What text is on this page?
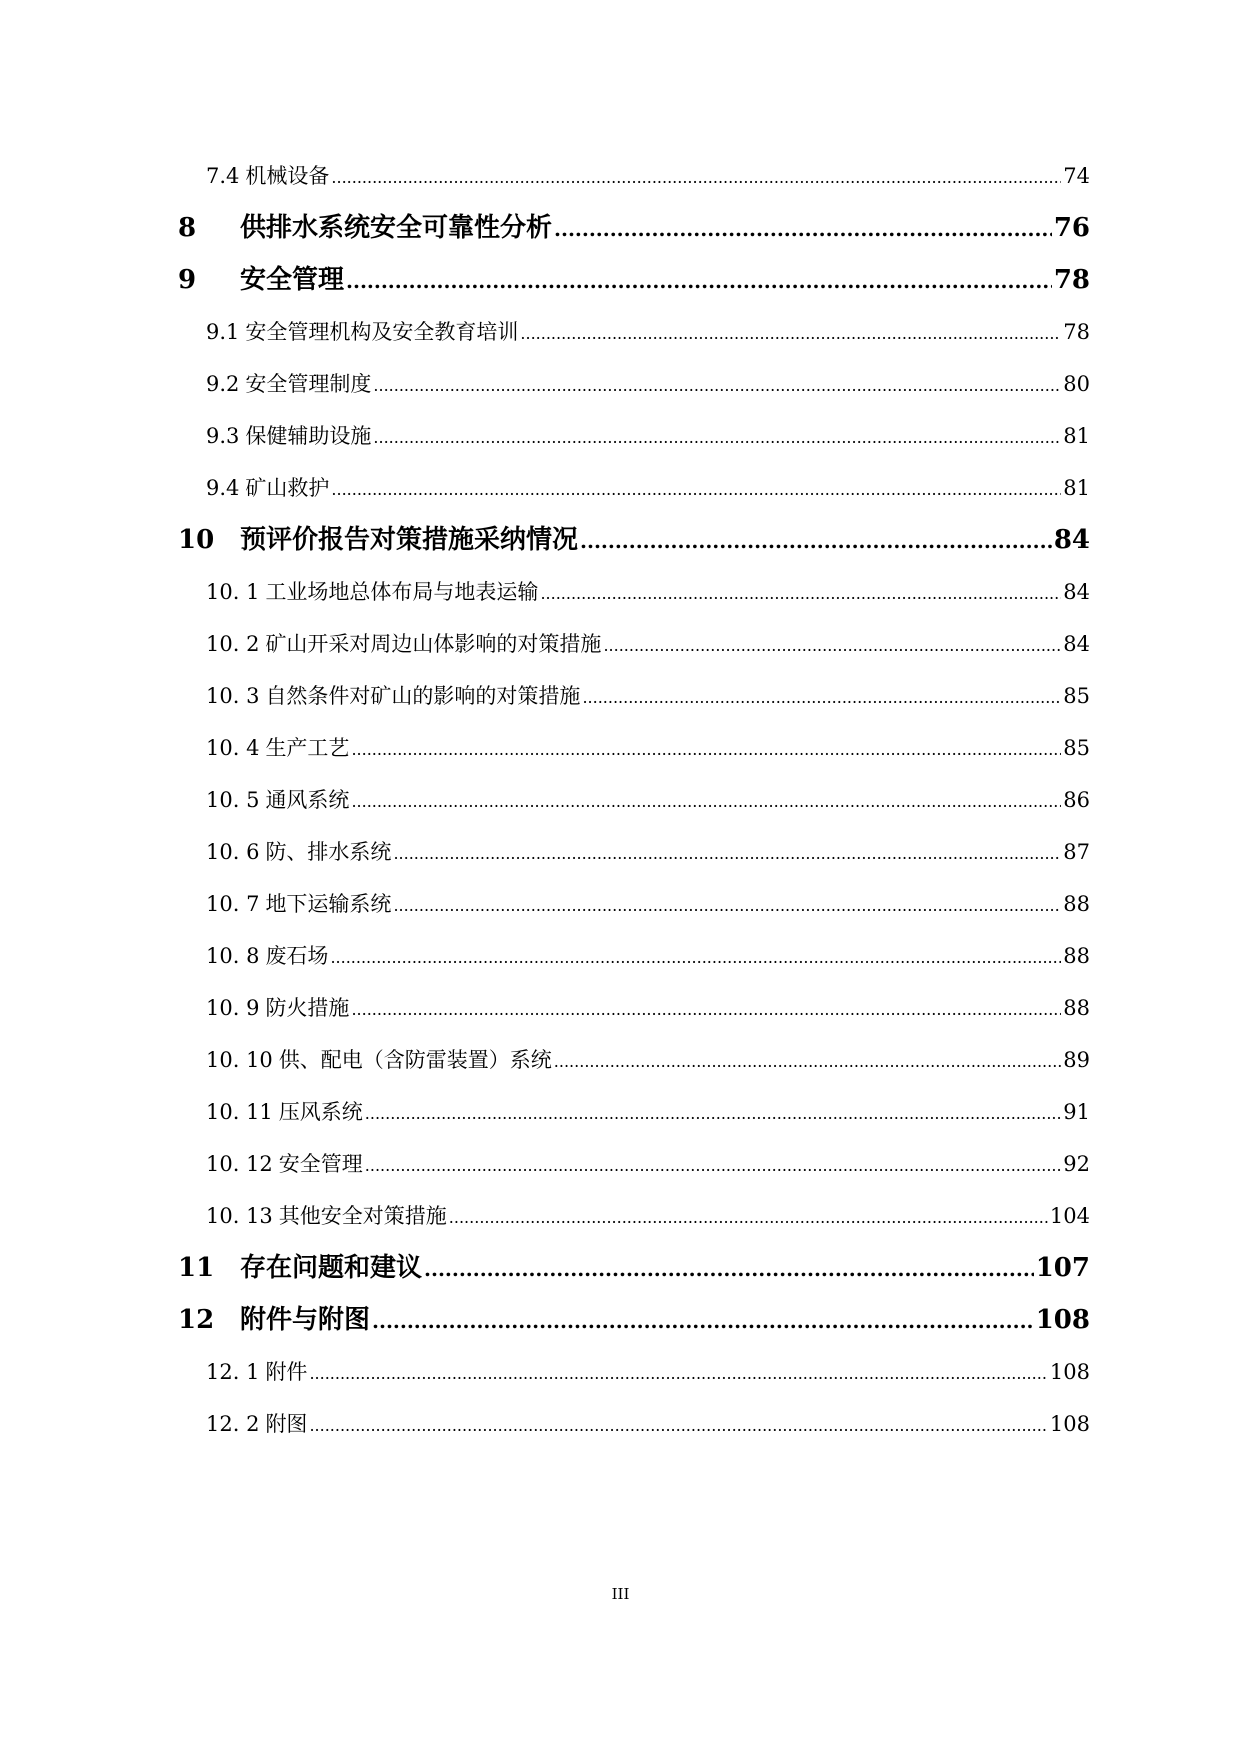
7.4 机械设备 .....	74
8	供排水系统安全可靠性分析 .....	76
9	安全管理 .....	78
9.1 安全管理机构及安全教育培训 .....	78
9.2 安全管理制度 .....	80
9.3 保健辅助设施 .....	81
9.4 矿山救护 .....	81
10 预评价报告对策措施采纳情况 .....	84
10. 1 工业场地总体布局与地表运输 .....	84
10. 2 矿山开采对周边山体影响的对策措施 .....	84
10. 3 自然条件对矿山的影响的对策措施 .....	85
10. 4 生产工艺 .....	85
10. 5 通风系统 .....	86
10. 6 防、排水系统 .....	87
10. 7 地下运输系统 .....	88
10. 8 废石场 .....	88
10. 9 防火措施 .....	88
10. 10 供、配电（含防雷装置）系统 .....	89
10. 11 压风系统 .....	91
10. 12 安全管理 .....	92
10. 13 其他安全对策措施 .....	104
11 存在问题和建议 .....	107
12 附件与附图 .....	108
12. 1 附件 .....	108
12. 2 附图 .....	108
III
